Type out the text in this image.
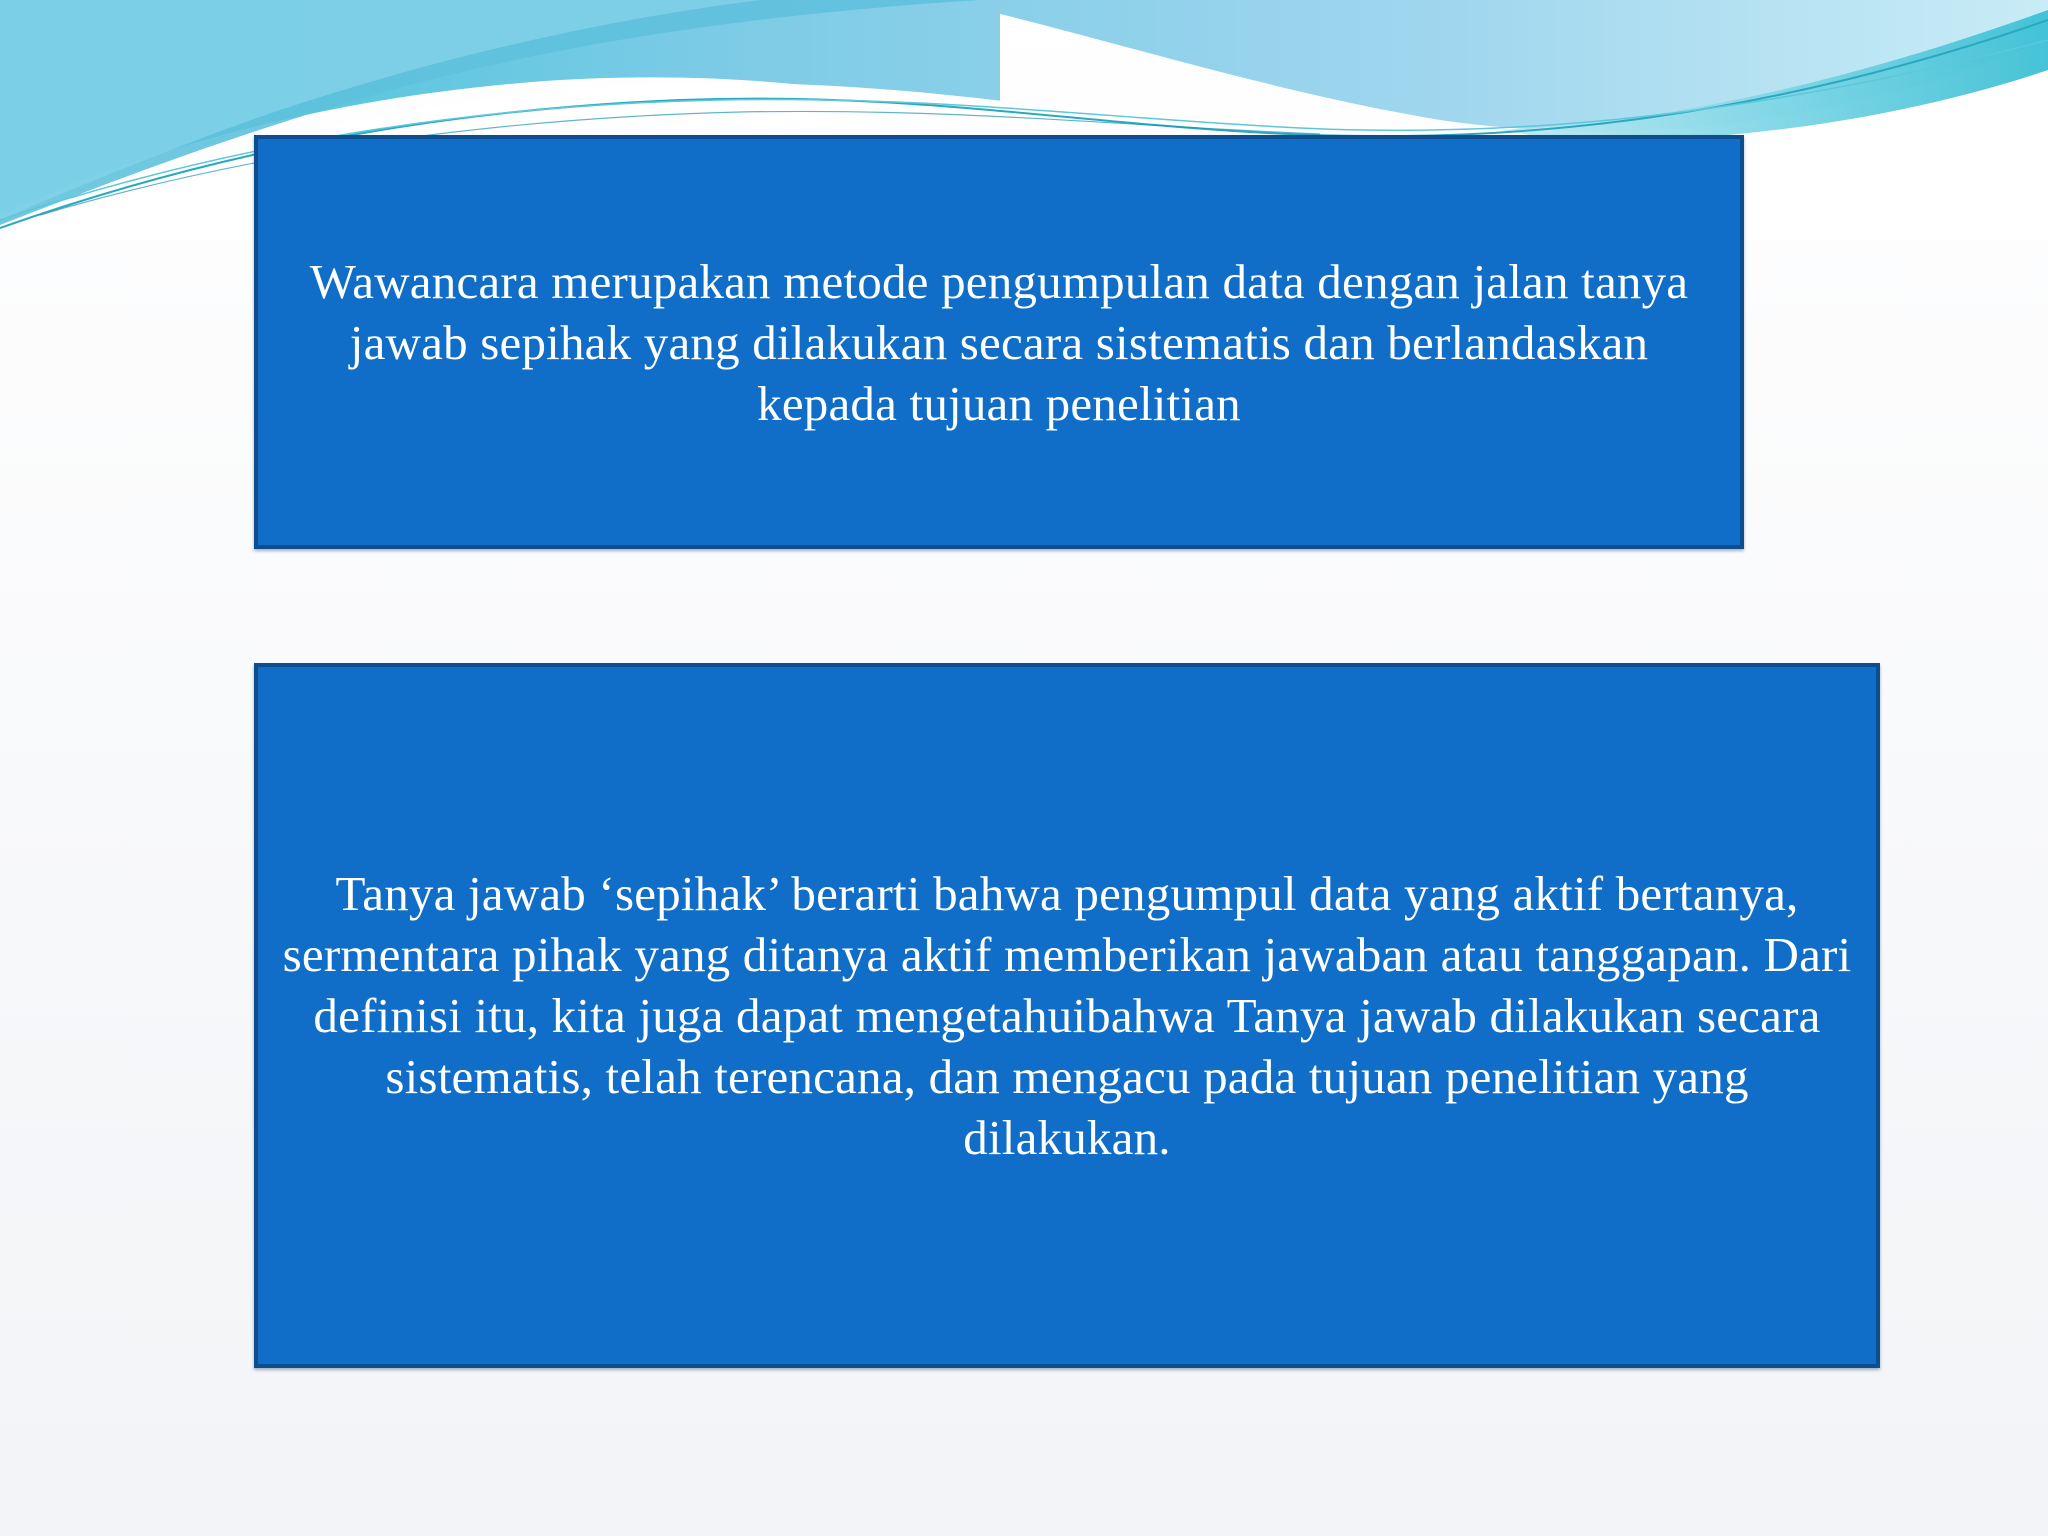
Wawancara merupakan metode pengumpulan data dengan jalan tanya jawab sepihak yang dilakukan secara sistematis dan berlandaskan kepada tujuan penelitian

Tanya jawab ‘sepihak’ berarti bahwa pengumpul data yang aktif bertanya, sermentara pihak yang ditanya aktif memberikan jawaban atau tanggapan. Dari definisi itu, kita juga dapat mengetahuibahwa Tanya jawab dilakukan secara sistematis, telah terencana, dan mengacu pada tujuan penelitian yang dilakukan.
